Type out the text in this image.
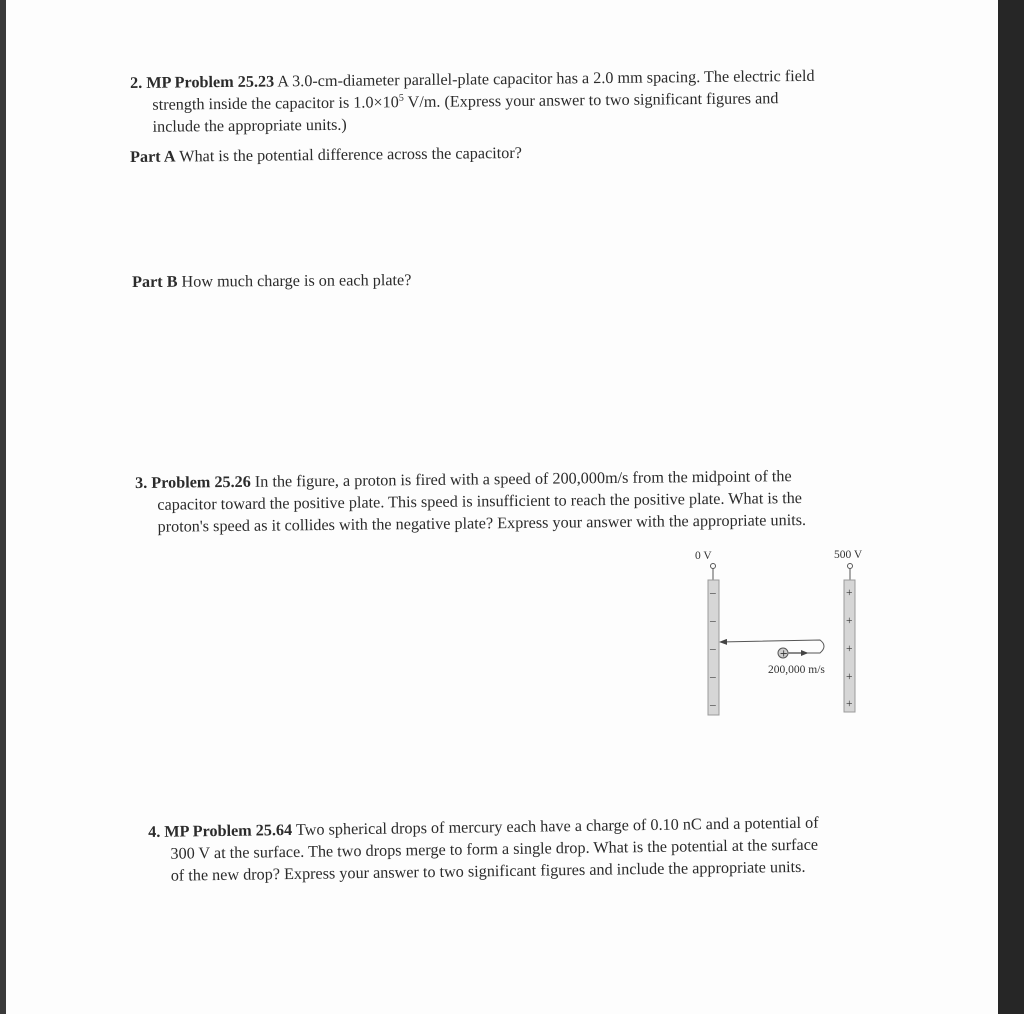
2. MP Problem 25.23 A 3.0-cm-diameter parallel-plate capacitor has a 2.0 mm spacing. The electric field
strength inside the capacitor is $1.0\times 10^5$ V/m. (Express your answer to two significant figures and
include the appropriate units.)
Part A What is the potential difference across the capacitor?
Part B How much charge is on each plate?
3. Problem 25.26 In the figure, a proton is fired with a speed of 200,000m/s from the midpoint of the
capacitor toward the positive plate. This speed is insufficient to reach the positive plate. What is the
proton's speed as it collides with the negative plate? Express your answer with the appropriate units.
0 V	500 V
–
–
–
–
–
+
+
+
+
+
+
200,000 m/s
4. MP Problem 25.64 Two spherical drops of mercury each have a charge of 0.10 nC and a potential of
300 V at the surface. The two drops merge to form a single drop. What is the potential at the surface
of the new drop? Express your answer to two significant figures and include the appropriate units.
